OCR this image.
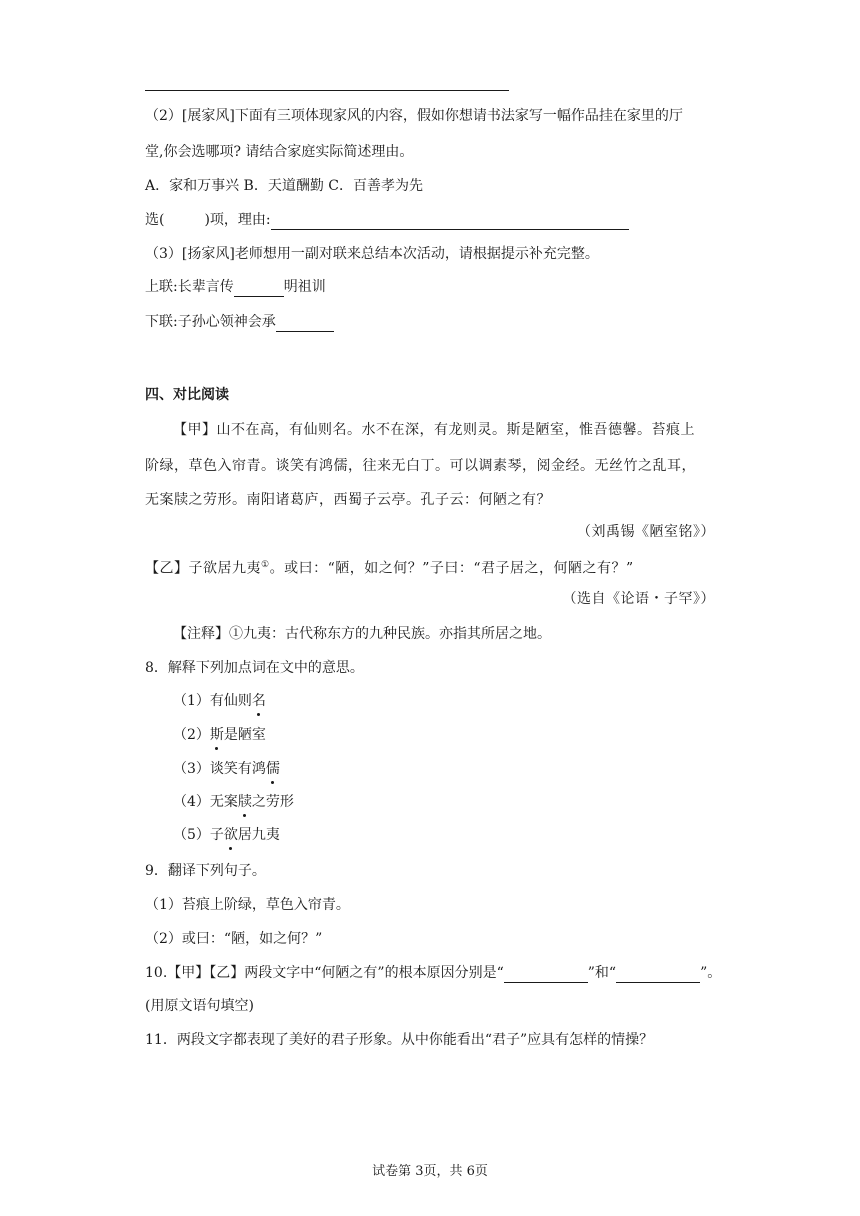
（2）[展家风]下面有三项体现家风的内容，假如你想请书法家写一幅作品挂在家里的厅
堂,你会选哪项? 请结合家庭实际简述理由。
A．家和万事兴 B．天道酬勤 C．百善孝为先
选(	)项，理由:
（3）[扬家风]老师想用一副对联来总结本次活动，请根据提示补充完整。
上联:长辈言传	明祖训
下联:子孙心领神会承
四、对比阅读
【甲】山不在高，有仙则名。水不在深，有龙则灵。斯是陋室，惟吾德馨。苔痕上
阶绿，草色入帘青。谈笑有鸿儒，往来无白丁。可以调素琴，阅金经。无丝竹之乱耳，
无案牍之劳形。南阳诸葛庐，西蜀子云亭。孔子云：何陋之有？
（刘禹锡《陋室铭》）
【乙】子欲居九夷①。或曰：“陋，如之何？”子曰：“君子居之，何陋之有？”
（选自《论语・子罕》）
【注释】①九夷：古代称东方的九种民族。亦指其所居之地。
8．解释下列加点词在文中的意思。
（1）有仙则名
（2）斯是陋室
（3）谈笑有鸿儒
（4）无案牍之劳形
（5）子欲居九夷
9．翻译下列句子。
（1）苔痕上阶绿，草色入帘青。
（2）或曰：“陋，如之何？”
10.【甲】【乙】两段文字中“何陋之有”的根本原因分别是“	”和“	”。
(用原文语句填空)
11．两段文字都表现了美好的君子形象。从中你能看出“君子”应具有怎样的情操？
试卷第 3页，共 6页
